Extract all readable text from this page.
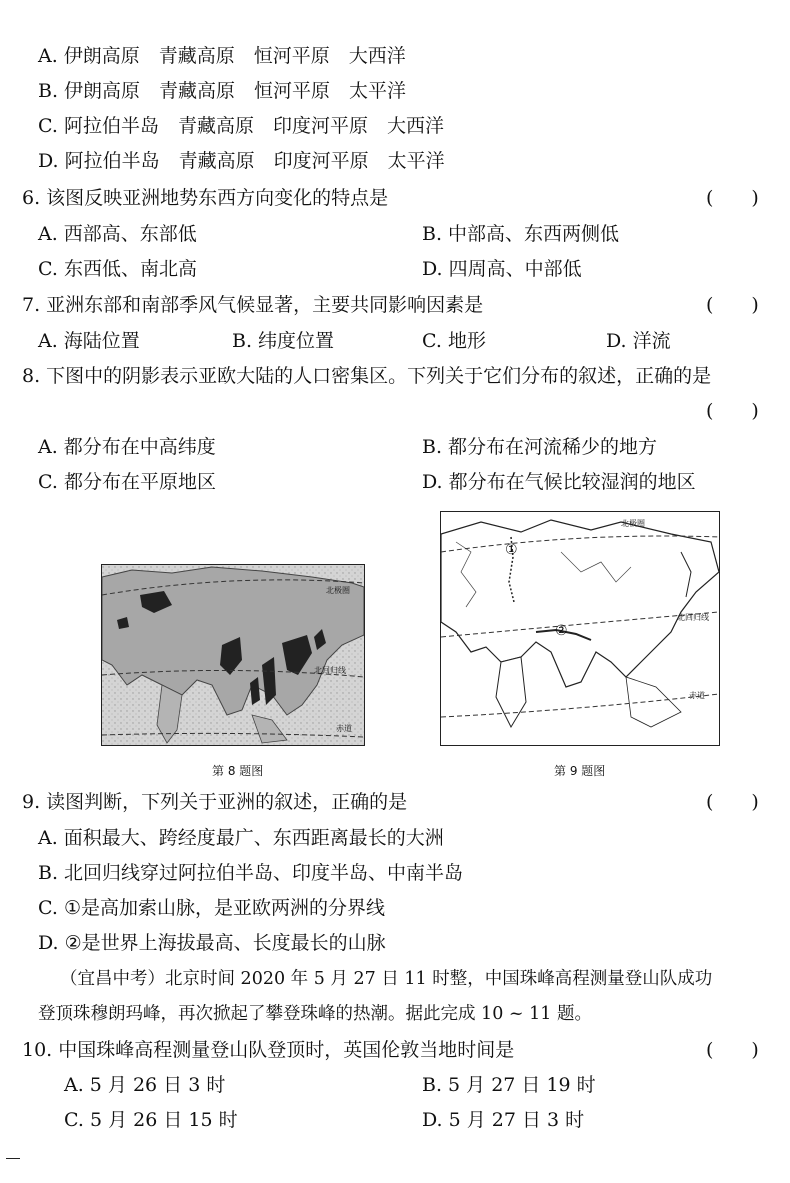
A. 伊朗高原　青藏高原　恒河平原　大西洋
B. 伊朗高原　青藏高原　恒河平原　太平洋
C. 阿拉伯半岛　青藏高原　印度河平原　大西洋
D. 阿拉伯半岛　青藏高原　印度河平原　太平洋
6. 该图反映亚洲地势东西方向变化的特点是	(　　)
A. 西部高、东部低	B. 中部高、东西两侧低
C. 东西低、南北高	D. 四周高、中部低
7. 亚洲东部和南部季风气候显著，主要共同影响因素是	(　　)
A. 海陆位置	B. 纬度位置	C. 地形	D. 洋流
8. 下图中的阴影表示亚欧大陆的人口密集区。下列关于它们分布的叙述，正确的是
(　　)
A. 都分布在中高纬度	B. 都分布在河流稀少的地方
C. 都分布在平原地区	D. 都分布在气候比较湿润的地区
北极圈
北回归线
赤道
第 8 题图
北极圈
北回归线
赤道
①
②
第 9 题图
9. 读图判断，下列关于亚洲的叙述，正确的是	(　　)
A. 面积最大、跨经度最广、东西距离最长的大洲
B. 北回归线穿过阿拉伯半岛、印度半岛、中南半岛
C. ①是高加索山脉，是亚欧两洲的分界线
D. ②是世界上海拔最高、长度最长的山脉
（宜昌中考）北京时间 2020 年 5 月 27 日 11 时整，中国珠峰高程测量登山队成功
登顶珠穆朗玛峰，再次掀起了攀登珠峰的热潮。据此完成 10 ~ 11 题。
10. 中国珠峰高程测量登山队登顶时，英国伦敦当地时间是	(　　)
A. 5 月 26 日 3 时	B. 5 月 27 日 19 时
C. 5 月 26 日 15 时	D. 5 月 27 日 3 时
